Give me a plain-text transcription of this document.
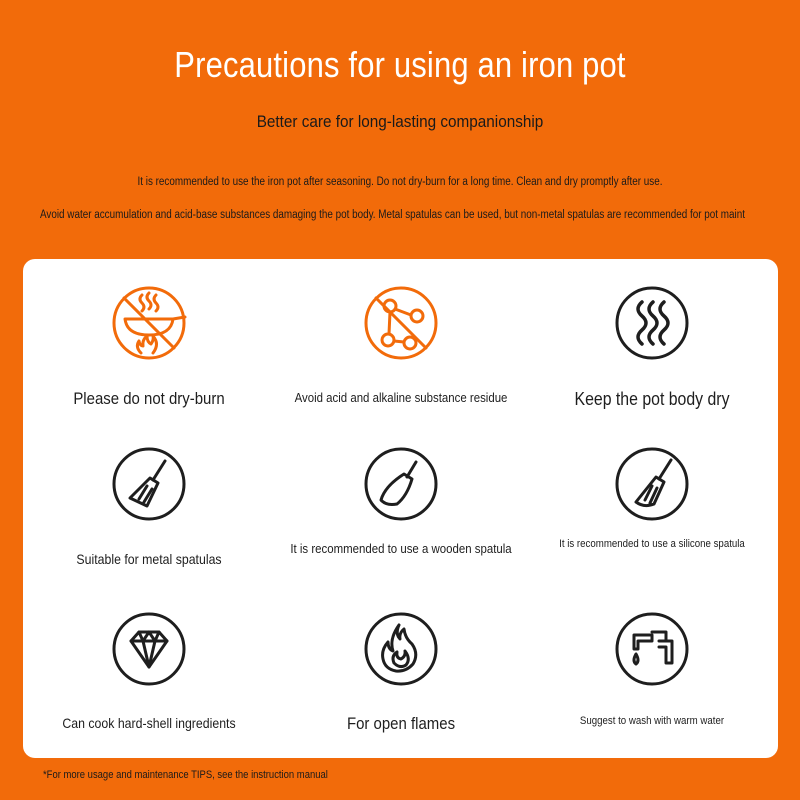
Precautions for using an iron pot
Better care for long-lasting companionship
It is recommended to use the iron pot after seasoning. Do not dry-burn for a long time. Clean and dry promptly after use.
Avoid water accumulation and acid-base substances damaging the pot body. Metal spatulas can be used, but non-metal spatulas are recommended for pot maint
Please do not dry-burn	Avoid acid and alkaline substance residue	Keep the pot body dry
Suitable for metal spatulas
It is recommended to use a wooden spatula	It is recommended to use a silicone spatula
Can cook hard-shell ingredients	For open flames	Suggest to wash with warm water
*For more usage and maintenance TIPS, see the instruction manual
